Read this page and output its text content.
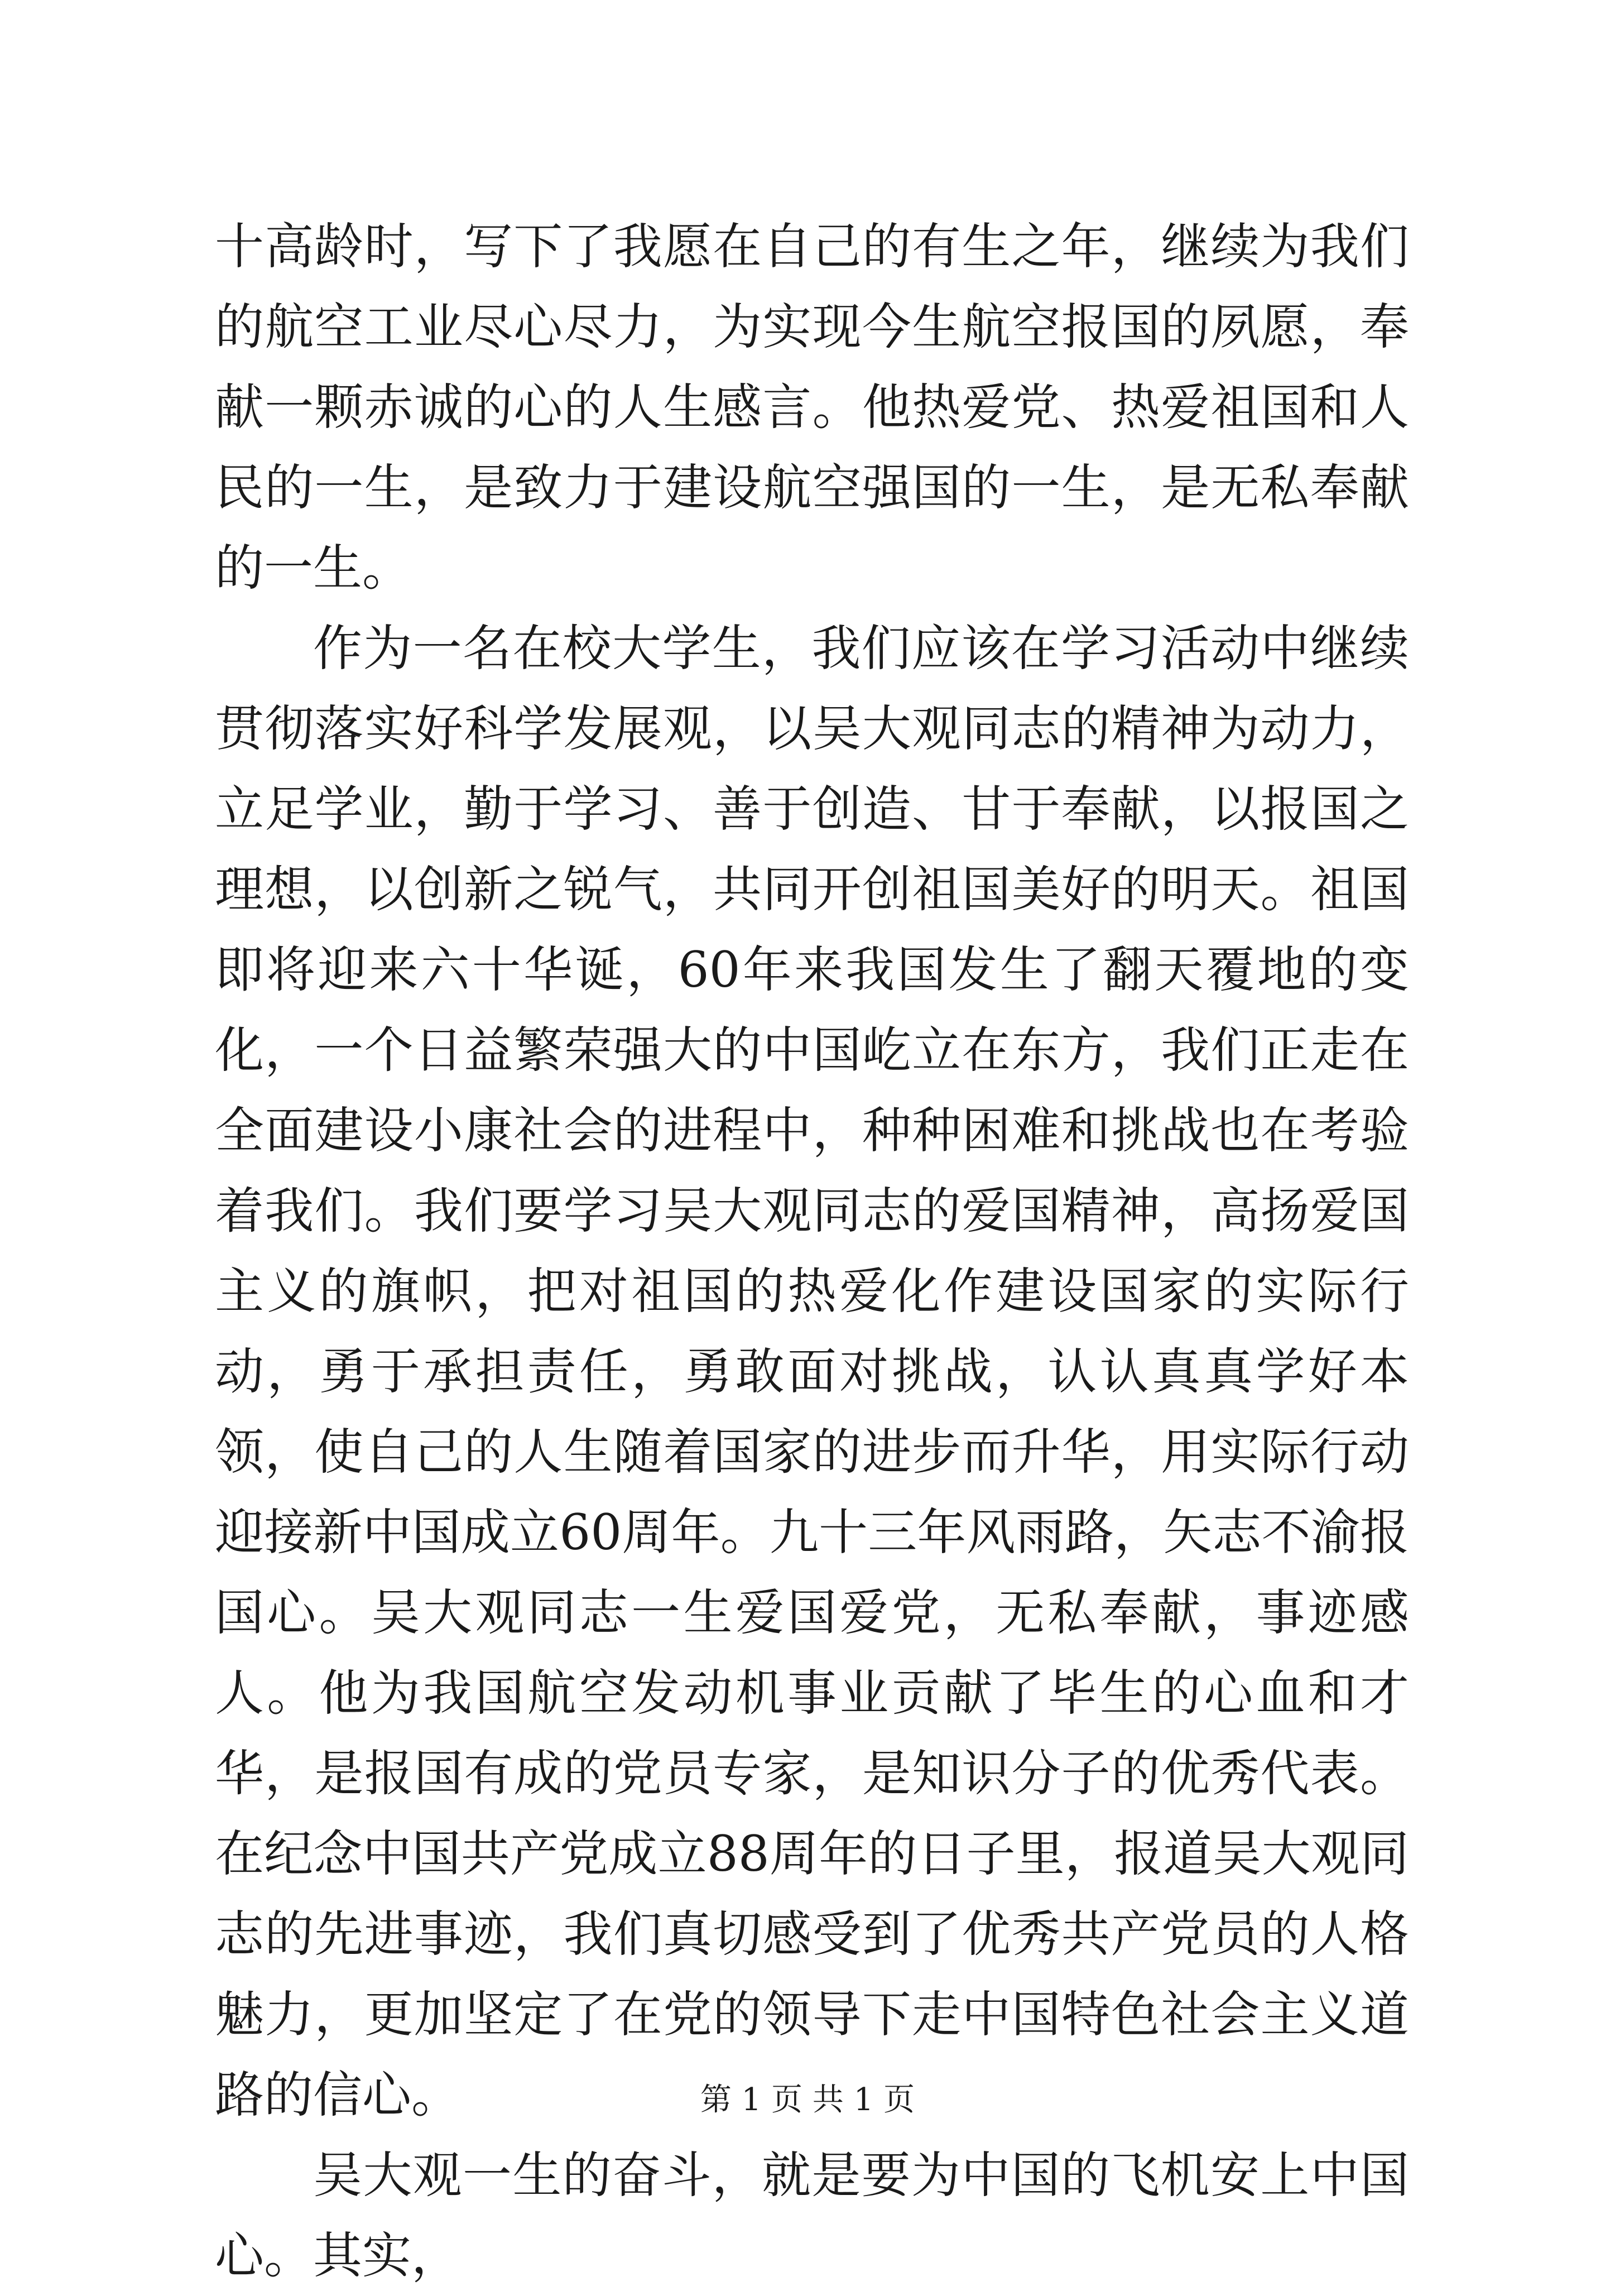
十高龄时，写下了我愿在自己的有生之年，继续为我们的航空工业尽心尽力，为实现今生航空报国的夙愿，奉献一颗赤诚的心的人生感言。他热爱党、热爱祖国和人民的一生，是致力于建设航空强国的一生，是无私奉献的一生。

作为一名在校大学生，我们应该在学习活动中继续贯彻落实好科学发展观，以吴大观同志的精神为动力，立足学业，勤于学习、善于创造、甘于奉献，以报国之理想，以创新之锐气，共同开创祖国美好的明天。祖国即将迎来六十华诞，60年来我国发生了翻天覆地的变化，一个日益繁荣强大的中国屹立在东方，我们正走在全面建设小康社会的进程中，种种困难和挑战也在考验着我们。我们要学习吴大观同志的爱国精神，高扬爱国主义的旗帜，把对祖国的热爱化作建设国家的实际行动，勇于承担责任，勇敢面对挑战，认认真真学好本领，使自己的人生随着国家的进步而升华，用实际行动迎接新中国成立60周年。九十三年风雨路，矢志不渝报国心。吴大观同志一生爱国爱党，无私奉献，事迹感人。他为我国航空发动机事业贡献了毕生的心血和才华，是报国有成的党员专家，是知识分子的优秀代表。在纪念中国共产党成立88周年的日子里，报道吴大观同志的先进事迹，我们真切感受到了优秀共产党员的人格魅力，更加坚定了在党的领导下走中国特色社会主义道路的信心。

吴大观一生的奋斗，就是要为中国的飞机安上中国心。其实，

第 1 页 共 1 页
